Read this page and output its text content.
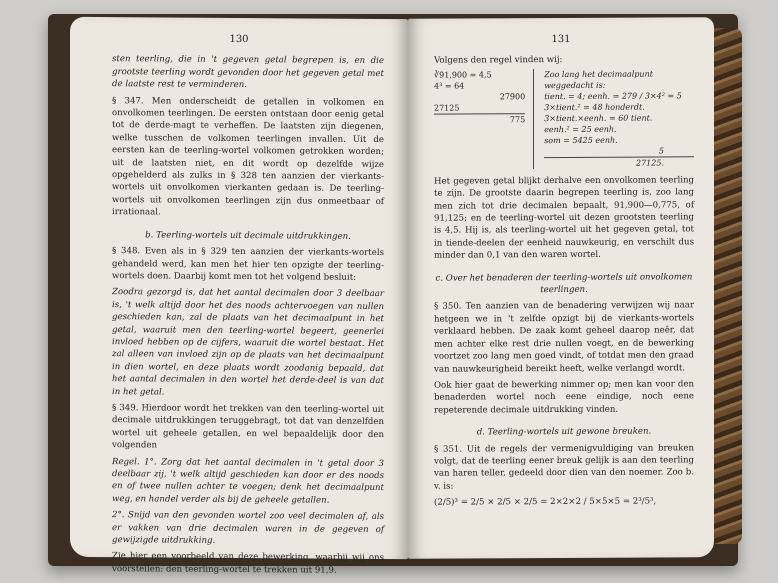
130

sten teerling, die in 't gegeven getal begrepen is, en die grootste teerling wordt gevonden door het gegeven getal met de laatste rest te verminderen.

§ 347. Men onderscheidt de getallen in volkomen en onvolkomen teerlingen. De eersten ontstaan door eenig getal tot de derde-magt te verheffen. De laatsten zijn diegenen, welke tusschen de volkomen teerlingen invallen. Uit de eersten kan de teerling-wortel volkomen getrokken worden; uit de laatsten niet, en dit wordt op dezelfde wijze opgehelderd als zulks in § 328 ten aanzien der vierkants-wortels uit onvolkomen vierkanten gedaan is. De teerling-wortels uit onvolkomen teerlingen zijn dus onmeetbaar of irrationaal.

b. Teerling-wortels uit decimale uitdrukkingen.

§ 348. Even als in § 329 ten aanzien der vierkants-wortels gehandeld werd, kan men het hier ten opzigte der teerling-wortels doen. Daarbij komt men tot het volgend besluit:

Zoodra gezorgd is, dat het aantal decimalen door 3 deelbaar is, 't welk altijd door het des noods achtervoegen van nullen geschieden kan, zal de plaats van het decimaalpunt in het getal, waaruit men den teerling-wortel begeert, geenerlei invloed hebben op de cijfers, waaruit die wortel bestaat. Het zal alleen van invloed zijn op de plaats van het decimaalpunt in dien wortel, en deze plaats wordt zoodanig bepaald, dat het aantal decimalen in den wortel het derde-deel is van dat in het getal.

§ 349. Hierdoor wordt het trekken van den teerling-wortel uit decimale uitdrukkingen teruggebragt, tot dat van denzelfden wortel uit geheele getallen, en wel bepaaldelijk door den volgenden

Regel. 1°. Zorg dat het aantal decimalen in 't getal door 3 deelbaar zij, 't welk altijd geschieden kan door er des noods en of twee nullen achter te voegen; denk het decimaalpunt weg, en handel verder als bij de geheele getallen.

2°. Snijd van den gevonden wortel zoo veel decimalen af, als er vakken van drie decimalen waren in de gegeven of gewijzigde uitdrukking.

Zie hier een voorbeeld van deze bewerking, waarbij wij ons voorstellen: den teerling-wortel te trekken uit 91,9.

131

Volgens den regel vinden wij:

∛91,900 = 4,5
4³ = 64
27900
27125
775
Zoo lang het decimaalpunt weggedacht is:
tient. = 4; eenh. = 279 / 3×4² = 5
3×tient.² = 48 honderdt.
3×tient.×eenh. = 60 tient.
eenh.² = 25 eenh.
som = 5425 eenh.
5
27125.

Het gegeven getal blijkt derhalve een onvolkomen teerling te zijn. De grootste daarin begrepen teerling is, zoo lang men zich tot drie decimalen bepaalt, 91,900—0,775, of 91,125; en de teerling-wortel uit dezen grootsten teerling is 4,5. Hij is, als teerling-wortel uit het gegeven getal, tot in tiende-deelen der eenheid nauwkeurig, en verschilt dus minder dan 0,1 van den waren wortel.

c. Over het benaderen der teerling-wortels uit onvolkomen teerlingen.

§ 350. Ten aanzien van de benadering verwijzen wij naar hetgeen we in 't zelfde opzigt bij de vierkants-wortels verklaard hebben. De zaak komt geheel daarop neêr, dat men achter elke rest drie nullen voegt, en de bewerking voortzet zoo lang men goed vindt, of totdat men den graad van nauwkeurigheid bereikt heeft, welke verlangd wordt.

Ook hier gaat de bewerking nimmer op; men kan voor den benaderden wortel noch eene eindige, noch eene repeterende decimale uitdrukking vinden.

d. Teerling-wortels uit gewone breuken.

§ 351. Uit de regels der vermenigvuldiging van breuken volgt, dat de teerling eener breuk gelijk is aan den teerling van haren teller, gedeeld door dien van den noemer. Zoo b. v. is:

(2/5)³ = 2/5 × 2/5 × 2/5 = 2×2×2 / 5×5×5 = 2³/5³,
